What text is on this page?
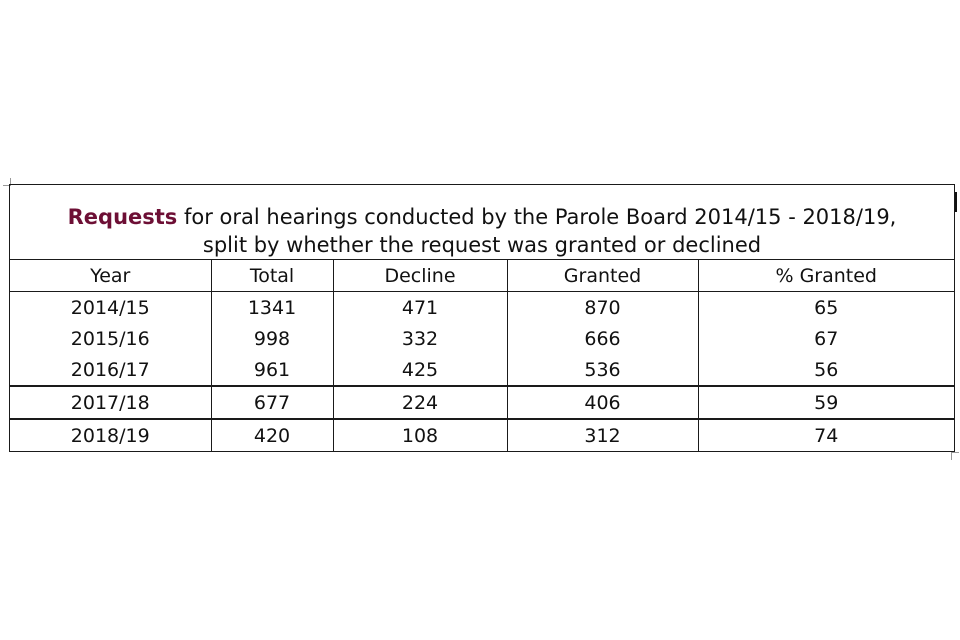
Requests for oral hearings conducted by the Parole Board 2014/15 - 2018/19,
split by whether the request was granted or declined
Year	Total	Decline	Granted	% Granted
2014/15	1341	471	870	65
2015/16	998	332	666	67
2016/17	961	425	536	56
2017/18	677	224	406	59
2018/19	420	108	312	74
